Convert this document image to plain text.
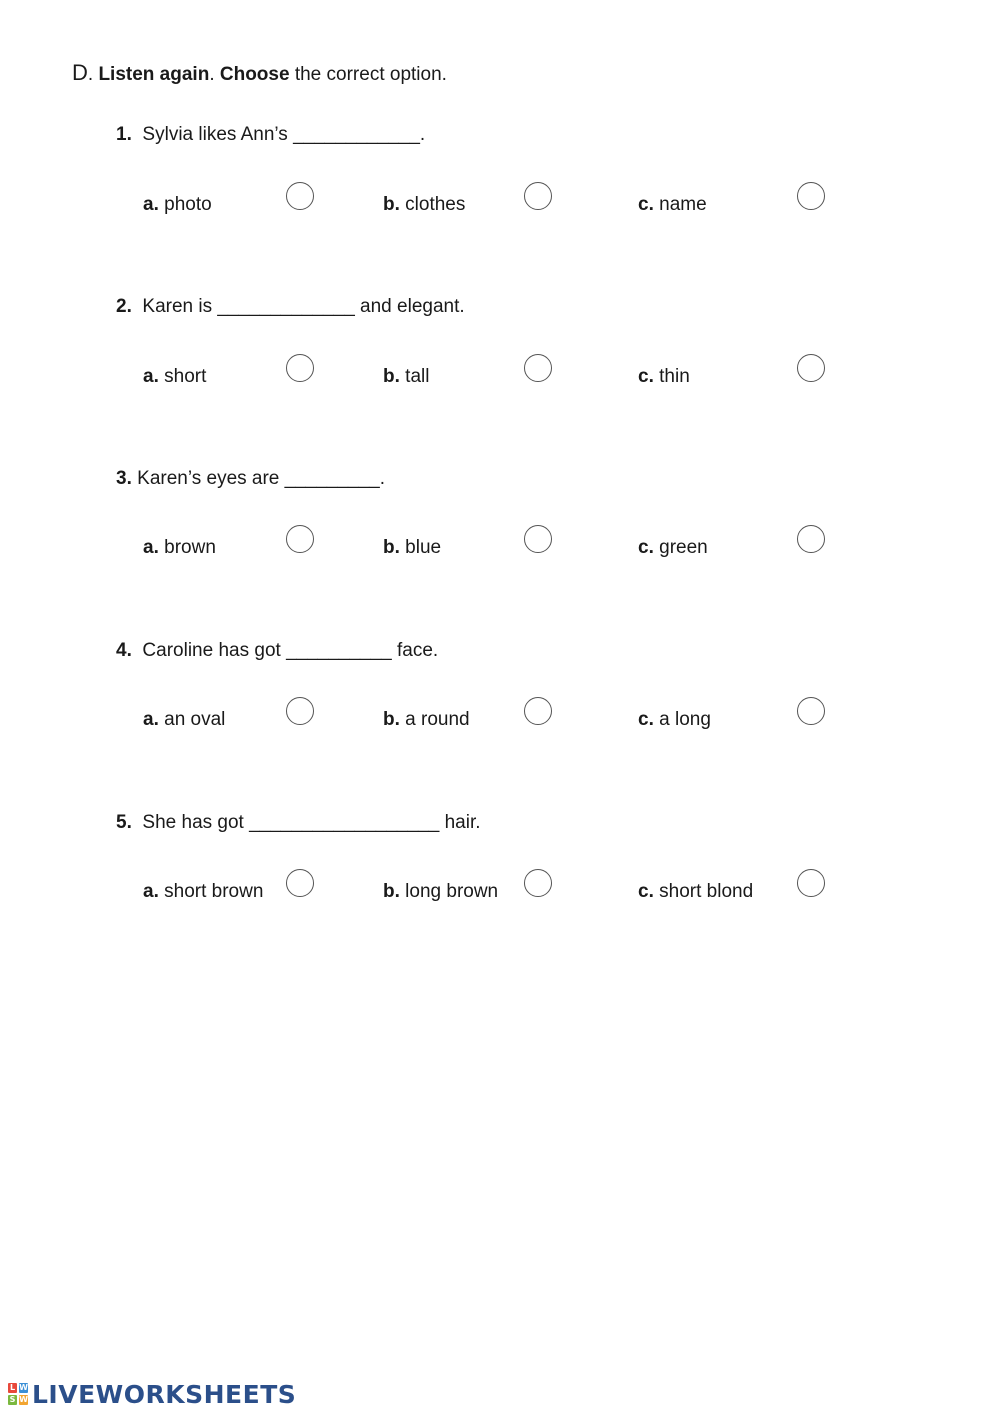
D. Listen again. Choose the correct option.
1. Sylvia likes Ann’s ____________.
a. photo	b. clothes	c. name
2. Karen is _____________ and elegant.
a. short	b. tall	c. thin
3. Karen’s eyes are _________.
a. brown	b. blue	c. green
4. Caroline has got __________ face.
a. an oval	b. a round	c. a long
5. She has got __________________ hair.
a. short brown	b. long brown	c. short blond
L W
S W LIVEWORKSHEETS
